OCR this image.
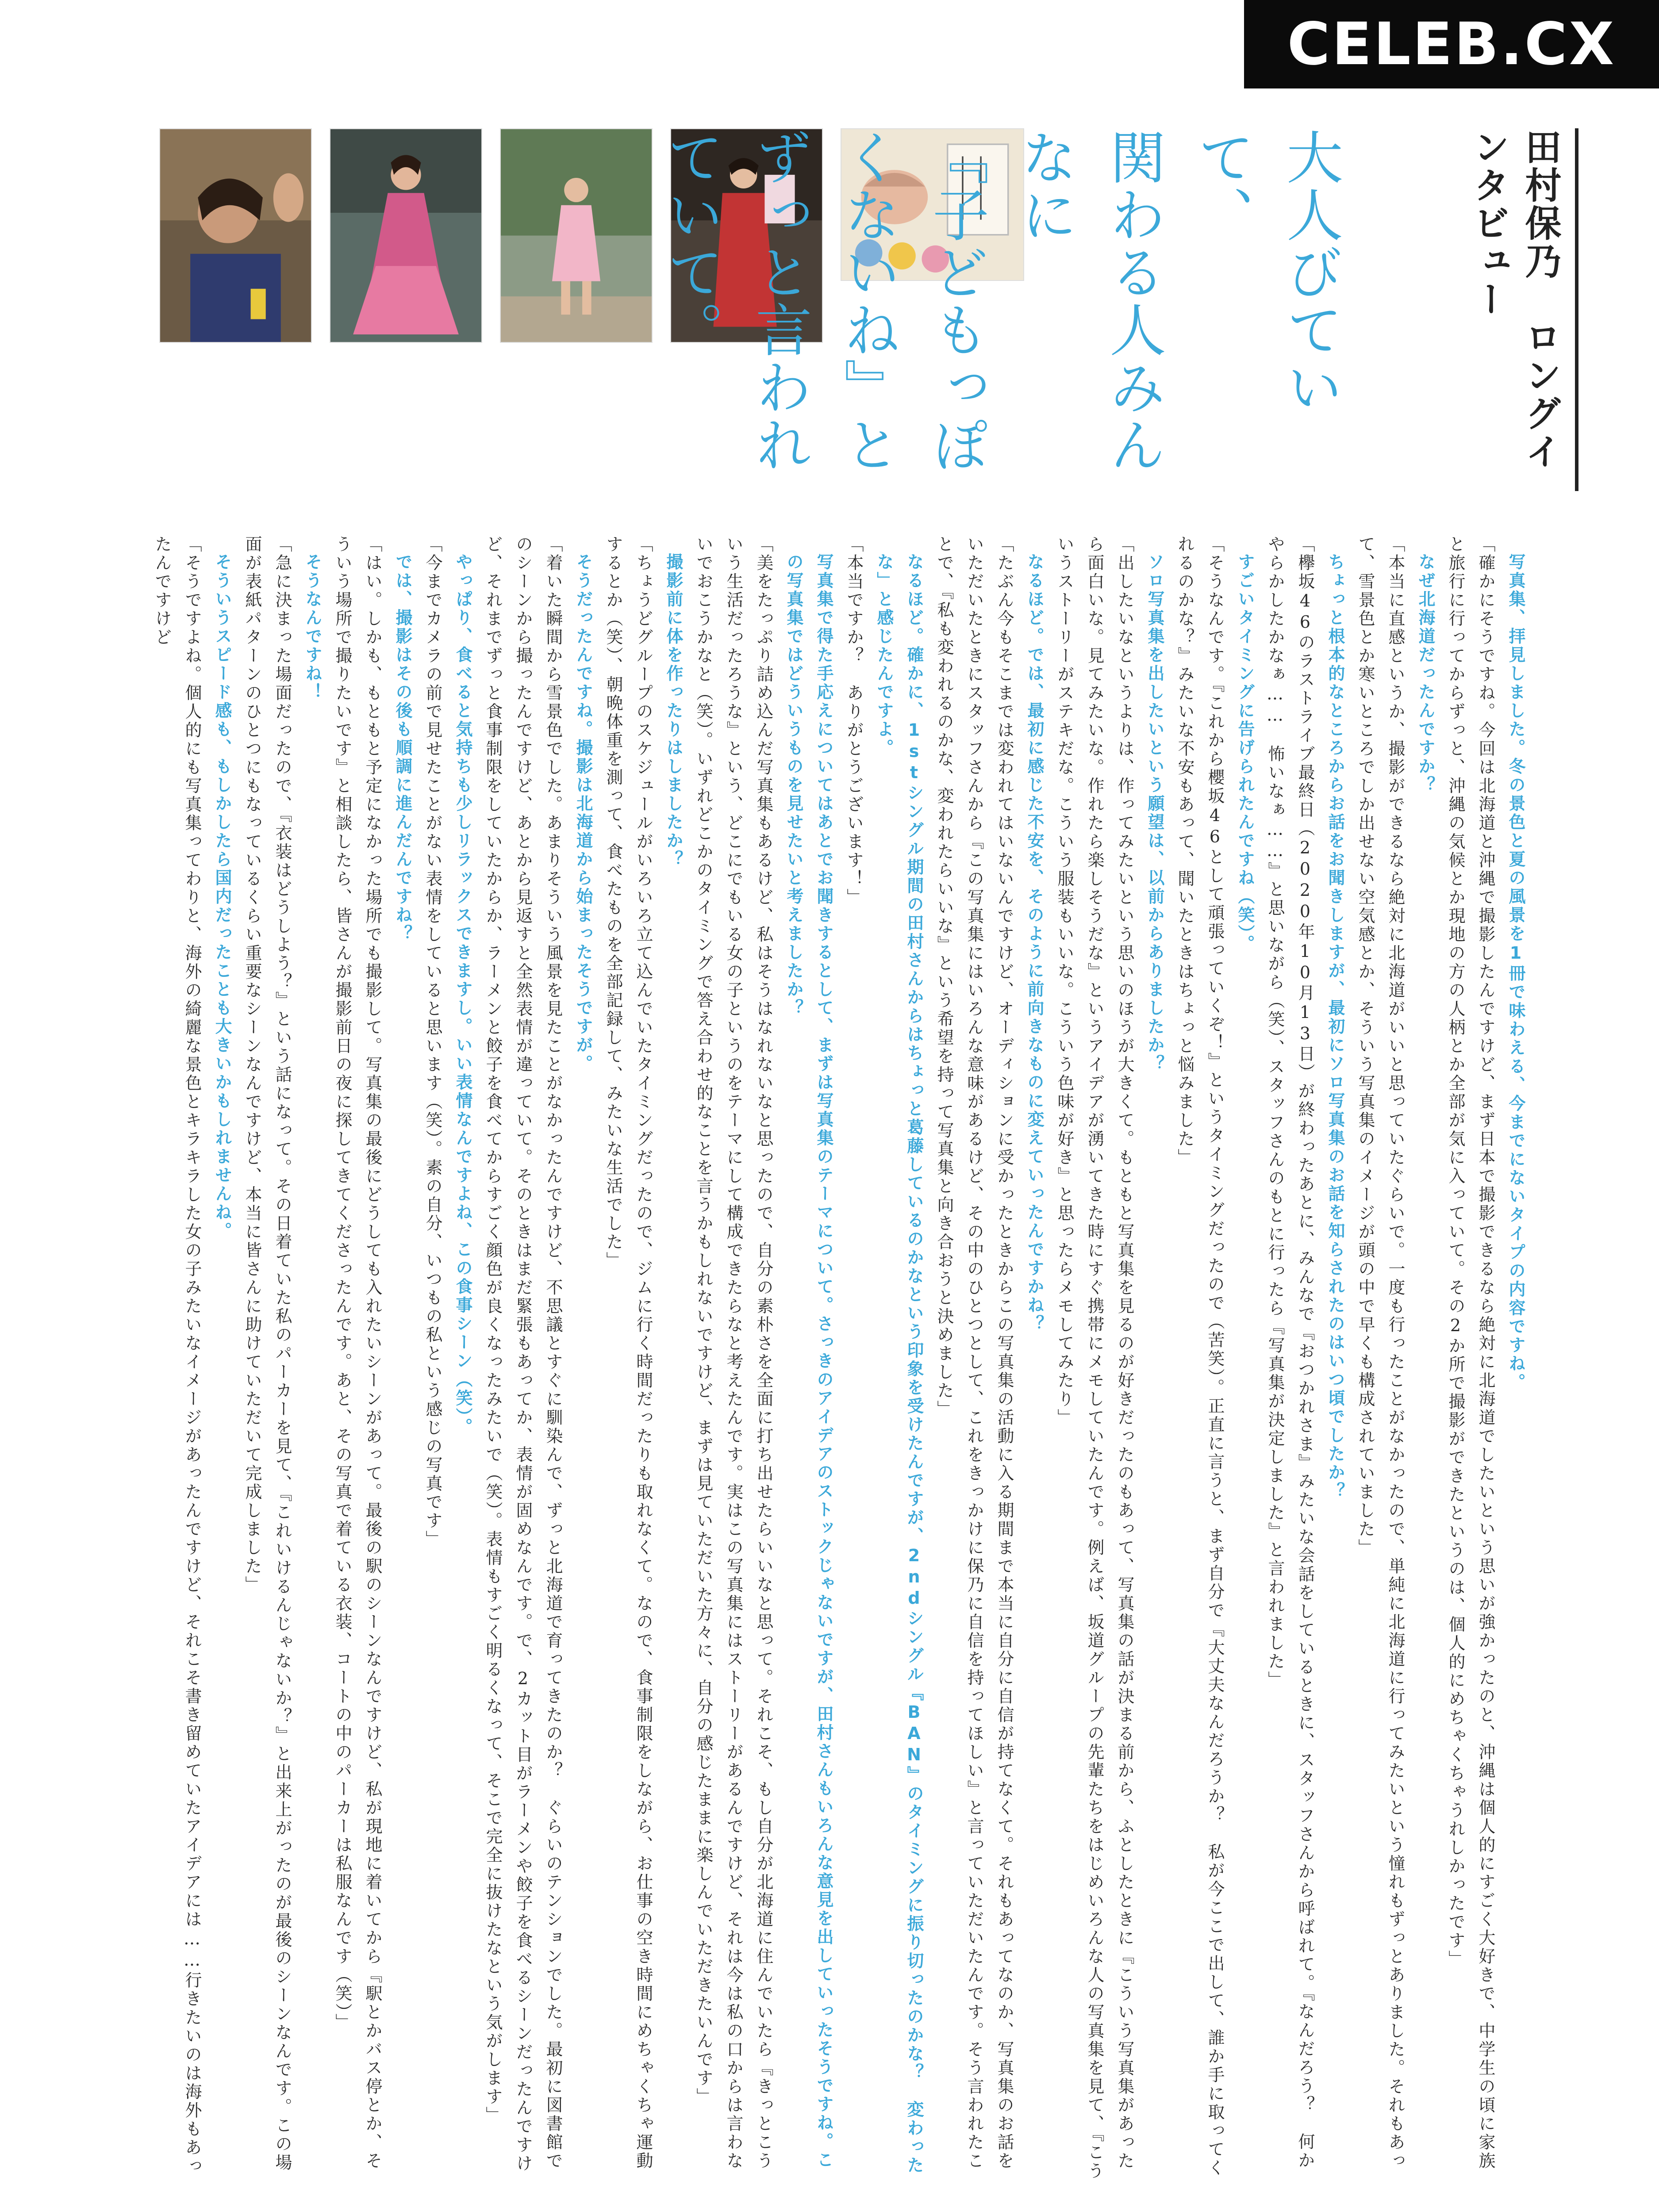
CELEB.CX
田村保乃　ロングインタビュー
大人びていて、
関わる人みんなに
『子どもっぽくないね』と
ずっと言われていて。
写真集、拝見しました。冬の景色と夏の風景を1冊で味わえる、今までにないタイプの内容ですね。
「確かにそうですね。今回は北海道と沖縄で撮影したんですけど、まず日本で撮影できるなら絶対に北海道でしたいという思いが強かったのと、沖縄は個人的にすごく大好きで、中学生の頃に家族と旅行に行ってからずっと、沖縄の気候とか現地の方の人柄とか全部が気に入っていて。その2か所で撮影ができたというのは、個人的にめちゃくちゃうれしかったです」
なぜ北海道だったんですか？
「本当に直感というか、撮影ができるなら絶対に北海道がいいと思っていたぐらいで。一度も行ったことがなかったので、単純に北海道に行ってみたいという憧れもずっとありました。それもあって、雪景色とか寒いところでしか出せない空気感とか、そういう写真集のイメージが頭の中で早くも構成されていました」
ちょっと根本的なところからお話をお聞きしますが、最初にソロ写真集のお話を知らされたのはいつ頃でしたか？
「欅坂46のラストライブ最終日（2020年10月13日）が終わったあとに、みんなで『おつかれさま』みたいな会話をしているときに、スタッフさんから呼ばれて。『なんだろう？　何かやらかしたかなぁ……　怖いなぁ……』と思いながら（笑）、スタッフさんのもとに行ったら『写真集が決定しました』と言われました」
すごいタイミングに告げられたんですね（笑）。
「そうなんです。『これから櫻坂46として頑張っていくぞ！』というタイミングだったので（苦笑）。正直に言うと、まず自分で『大丈夫なんだろうか？　私が今ここで出して、誰か手に取ってくれるのかな？』みたいな不安もあって、聞いたときはちょっと悩みました」
ソロ写真集を出したいという願望は、以前からありましたか？
「出したいなというよりは、作ってみたいという思いのほうが大きくて。もともと写真集を見るのが好きだったのもあって、写真集の話が決まる前から、ふとしたときに『こういう写真集があったら面白いな。見てみたいな。作れたら楽しそうだな』というアイデアが湧いてきた時にすぐ携帯にメモしていたんです。例えば、坂道グループの先輩たちをはじめいろんな人の写真集を見て、『こういうストーリーがステキだな。こういう服装もいいな。こういう色味が好き』と思ったらメモしてみたり」
なるほど。では、最初に感じた不安を、そのように前向きなものに変えていったんですかね？
「たぶん今もそこまでは変われてはいないんですけど、オーディションに受かったときからこの写真集の活動に入る期間まで本当に自分に自信が持てなくて。それもあってなのか、写真集のお話をいただいたときにスタッフさんから『この写真集にはいろんな意味があるけど、その中のひとつとして、これをきっかけに保乃に自信を持ってほしい』と言っていただいたんです。そう言われたことで、『私も変われるのかな、変われたらいいな』という希望を持って写真集と向き合おうと決めました」
なるほど。確かに、1stシングル期間の田村さんからはちょっと葛藤しているのかなという印象を受けたんですが、2ndシングル『BAN』のタイミングに振り切ったのかな？　変わったな」と感じたんですよ。
「本当ですか？　ありがとうございます！」
写真集で得た手応えについてはあとでお聞きするとして、まずは写真集のテーマについて。さっきのアイデアのストックじゃないですが、田村さんもいろんな意見を出していったそうですね。この写真集ではどういうものを見せたいと考えましたか？
「美をたっぷり詰め込んだ写真集もあるけど、私はそうはなれないなと思ったので、自分の素朴さを全面に打ち出せたらいいなと思って。それこそ、もし自分が北海道に住んでいたら『きっとこういう生活だったろうな』という、どこにでもいる女の子というのをテーマにして構成できたらなと考えたんです。実はこの写真集にはストーリーがあるんですけど、それは今は私の口からは言わないでおこうかなと（笑）。いずれどこかのタイミングで答え合わせ的なことを言うかもしれないですけど、まずは見ていただいた方々に、自分の感じたままに楽しんでいただきたいんです」
撮影前に体を作ったりはしましたか？
「ちょうどグループのスケジュールがいろいろ立て込んでいたタイミングだったので、ジムに行く時間だったりも取れなくて。なので、食事制限をしながら、お仕事の空き時間にめちゃくちゃ運動するとか（笑）、朝晩体重を測って、食べたものを全部記録して、みたいな生活でした」
そうだったんですね。撮影は北海道から始まったそうですが。
「着いた瞬間から雪景色でした。あまりそういう風景を見たことがなかったんですけど、不思議とすぐに馴染んで、ずっと北海道で育ってきたのか？　ぐらいのテンションでした。最初に図書館でのシーンから撮ったんですけど、あとから見返すと全然表情が違っていて。そのときはまだ緊張もあってか、表情が固めなんです。で、2カット目がラーメンや餃子を食べるシーンだったんですけど、それまでずっと食事制限をしていたからか、ラーメンと餃子を食べてからすごく顔色が良くなったみたいで（笑）。表情もすごく明るくなって、そこで完全に抜けたなという気がします」
やっぱり、食べると気持ちも少しリラックスできますし。いい表情なんですよね、この食事シーン（笑）。
「今までカメラの前で見せたことがない表情をしていると思います（笑）。素の自分、いつもの私という感じの写真です」
では、撮影はその後も順調に進んだんですね？
「はい。しかも、もともと予定になかった場所でも撮影して。写真集の最後にどうしても入れたいシーンがあって。最後の駅のシーンなんですけど、私が現地に着いてから『駅とかバス停とか、そういう場所で撮りたいです』と相談したら、皆さんが撮影前日の夜に探してきてくださったんです。あと、その写真で着ている衣装、コートの中のパーカーは私服なんです（笑）」
そうなんですね！
「急に決まった場面だったので、『衣装はどうしよう？』という話になって。その日着ていた私のパーカーを見て、『これいけるんじゃないか？』と出来上がったのが最後のシーンなんです。この場面が表紙パターンのひとつにもなっているくらい重要なシーンなんですけど、本当に皆さんに助けていただいて完成しました」
そういうスピード感も、もしかしたら国内だったことも大きいかもしれませんね。
「そうですよね。個人的にも写真集ってわりと、海外の綺麗な景色とキラキラした女の子みたいなイメージがあったんですけど、それこそ書き留めていたアイデアには……行きたいのは海外もあったんですけど
